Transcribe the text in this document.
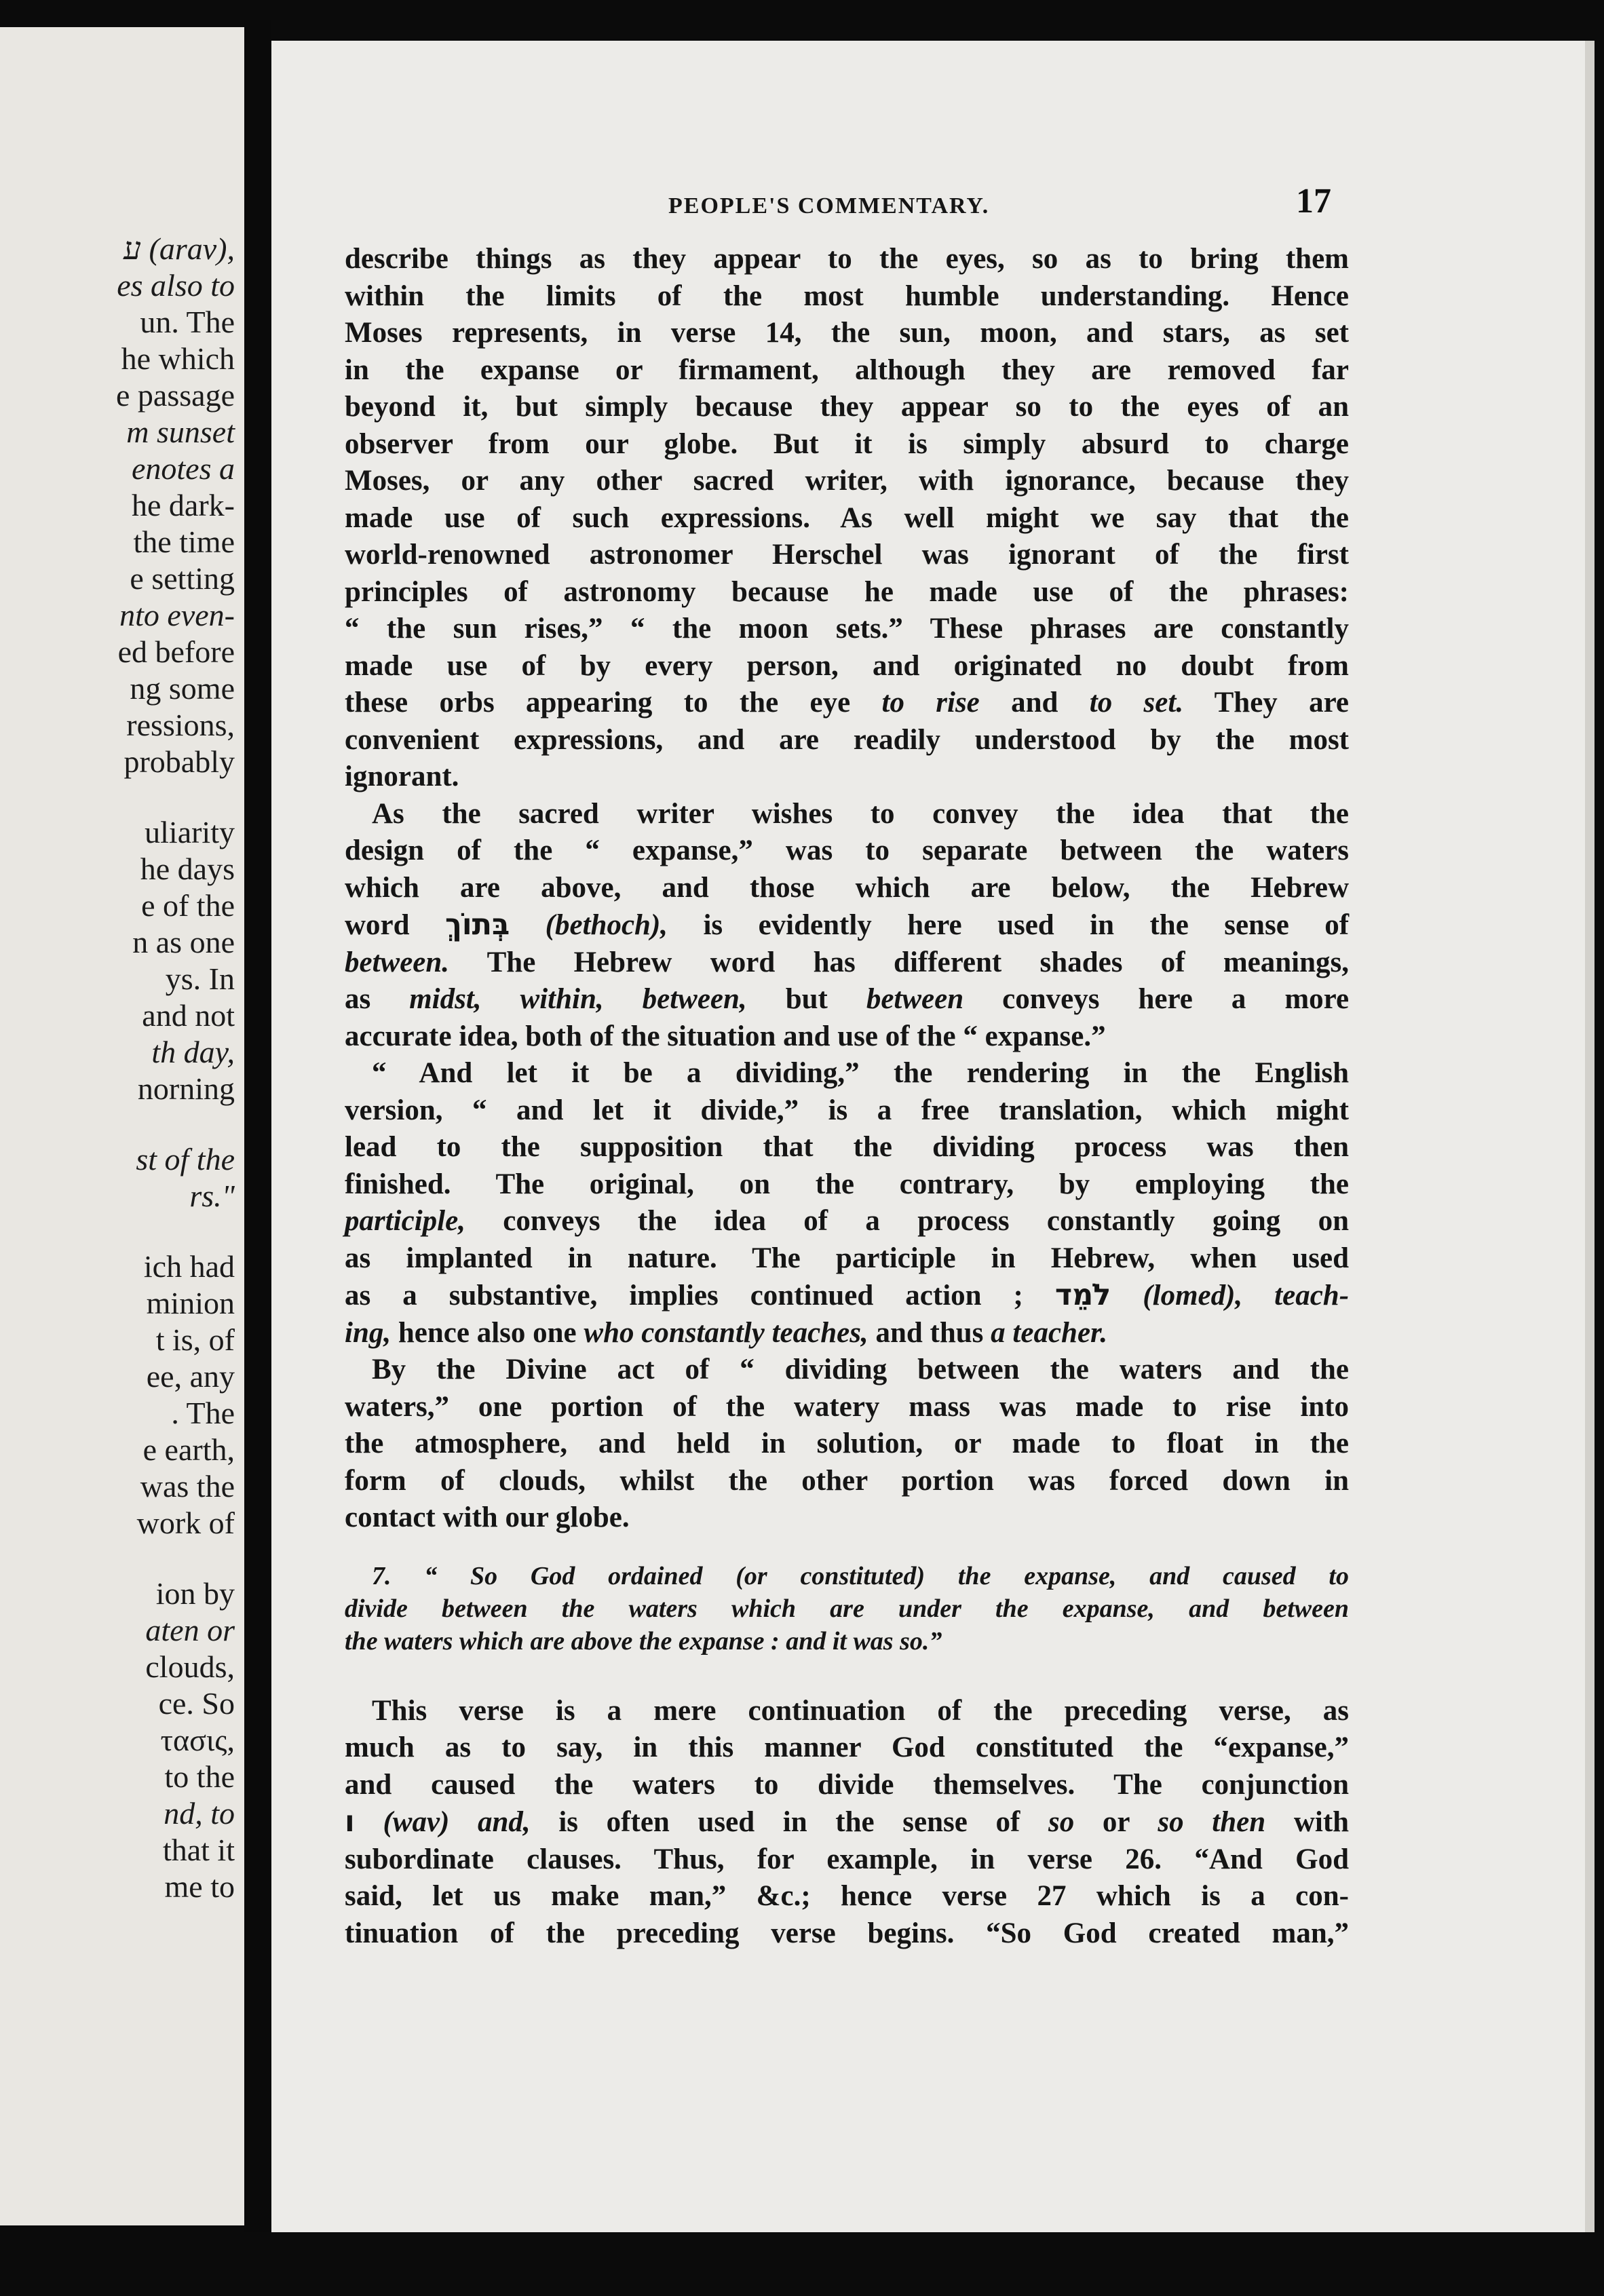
ע (arav),
es also to
un. The
he which
e passage
m sunset
enotes a
he dark-
the time
e setting
nto even-
ed before
ng some
ressions,
probably
uliarity
he days
e of the
n as one
ys. In
and not
th day,
norning
st of the
rs."
ich had
minion
t is, of
ee, any
. The
e earth,
was the
work of
ion by
aten or
clouds,
ce. So
τασις,
to the
nd, to
that it
me to
PEOPLE'S COMMENTARY.	17
describe things as they appear to the eyes, so as to bring them
within the limits of the most humble understanding. Hence
Moses represents, in verse 14, the sun, moon, and stars, as set
in the expanse or firmament, although they are removed far
beyond it, but simply because they appear so to the eyes of an
observer from our globe. But it is simply absurd to charge
Moses, or any other sacred writer, with ignorance, because they
made use of such expressions. As well might we say that the
world-renowned astronomer Herschel was ignorant of the first
principles of astronomy because he made use of the phrases:
“ the sun rises,” “ the moon sets.” These phrases are constantly
made use of by every person, and originated no doubt from
these orbs appearing to the eye to rise and to set. They are
convenient expressions, and are readily understood by the most
ignorant.
As the sacred writer wishes to convey the idea that the
design of the “ expanse,” was to separate between the waters
which are above, and those which are below, the Hebrew
word בְּתוֹךְ (bethoch), is evidently here used in the sense of
between. The Hebrew word has different shades of meanings,
as midst, within, between, but between conveys here a more
accurate idea, both of the situation and use of the “ expanse.”
“ And let it be a dividing,” the rendering in the English
version, “ and let it divide,” is a free translation, which might
lead to the supposition that the dividing process was then
finished. The original, on the contrary, by employing the
participle, conveys the idea of a process constantly going on
as implanted in nature. The participle in Hebrew, when used
as a substantive, implies continued action ; לֹמֵד (lomed), teach-
ing, hence also one who constantly teaches, and thus a teacher.
By the Divine act of “ dividing between the waters and the
waters,” one portion of the watery mass was made to rise into
the atmosphere, and held in solution, or made to float in the
form of clouds, whilst the other portion was forced down in
contact with our globe.
7. “ So God ordained (or constituted) the expanse, and caused to
divide between the waters which are under the expanse, and between
the waters which are above the expanse : and it was so.”
This verse is a mere continuation of the preceding verse, as
much as to say, in this manner God constituted the “expanse,”
and caused the waters to divide themselves. The conjunction
ו (wav) and, is often used in the sense of so or so then with
subordinate clauses. Thus, for example, in verse 26. “And God
said, let us make man,” &c.; hence verse 27 which is a con-
tinuation of the preceding verse begins. “So God created man,”
